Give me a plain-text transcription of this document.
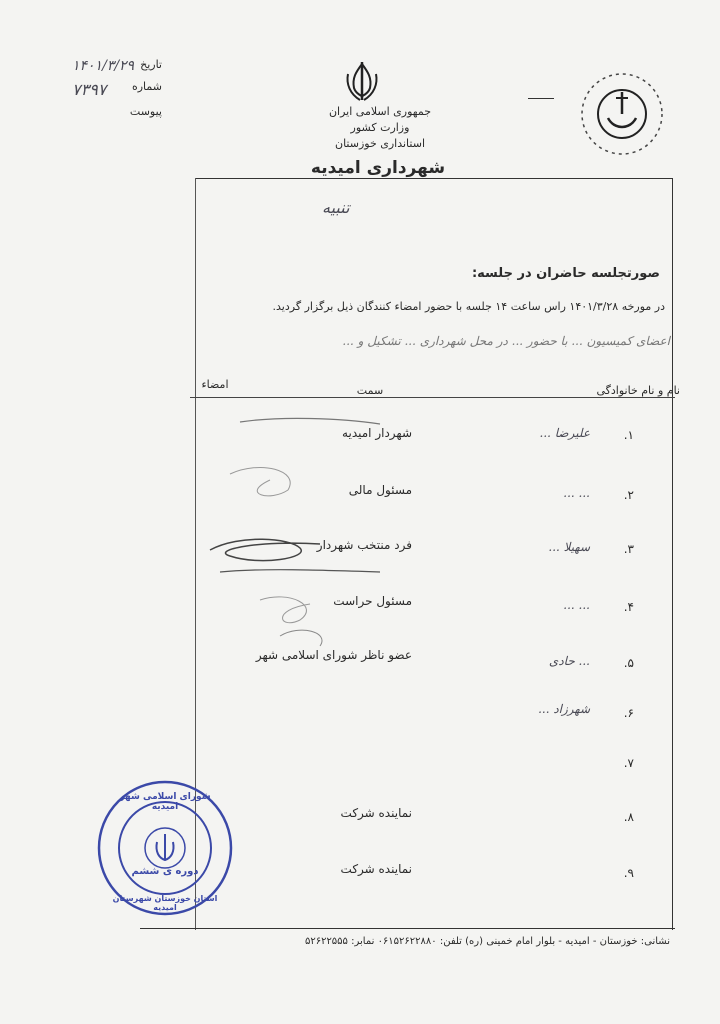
تاریخ
۱۴۰۱/۳/۲۹
شماره
۷۳۹۷
پیوست	جمهوری اسلامی ایران
وزارت کشور
استانداری خوزستان
شهرداری امیدیه
تنبیه
صورتجلسه حاضران در جلسه:
در مورخه ۱۴۰۱/۳/۲۸ راس ساعت ۱۴ جلسه با حضور امضاء کنندگان ذیل برگزار گردید.
اعضای کمیسیون ... با حضور ... در محل شهرداری ... تشکیل و ...
نام و نام خانوادگی
سمت
امضاء
۱.
علیرضا ...
شهردار امیدیه
۲.
... ...
مسئول مالی
۳.
سهیلا ...
فرد منتخب شهردار
۴.
... ...
مسئول حراست
۵.
... حادی
عضو ناظر شورای اسلامی شهر
۶.
شهرزاد ...
۷.
۸.
نماینده شرکت
۹.
نماینده شرکت
شورای اسلامی شهر امیدیه
دوره ی ششم
استان خوزستان شهرستان امیدیه
نشانی: خوزستان - امیدیه - بلوار امام خمینی (ره) تلفن: ۰۶۱۵۲۶۲۲۸۸۰ نمابر: ۵۲۶۲۲۵۵۵
